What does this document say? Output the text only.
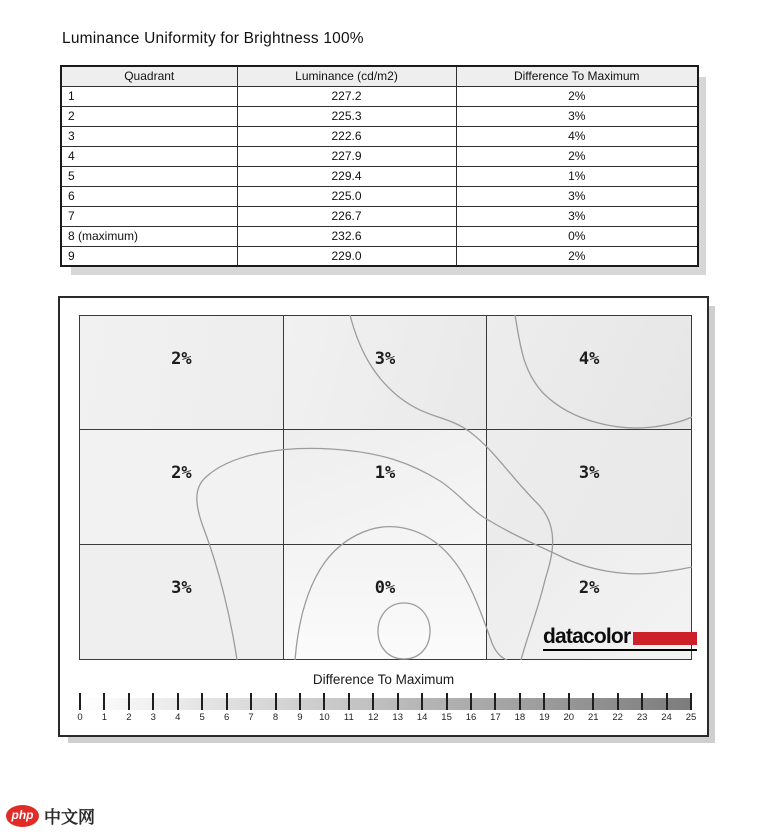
Luminance Uniformity for Brightness 100%
Quadrant	Luminance (cd/m2)	Difference To Maximum
1	227.2	2%
2	225.3	3%
3	222.6	4%
4	227.9	2%
5	229.4	1%
6	225.0	3%
7	226.7	3%
8 (maximum)	232.6	0%
9	229.0	2%
2%	3%	4%
2%	1%	3%
3%	0%	2%
datacolor
Difference To Maximum
0	1	2	3	4	5	6	7	8	9	10	11	12	13	14	15	16	17	18	19	20	21	22	23	24	25
php 中文网
